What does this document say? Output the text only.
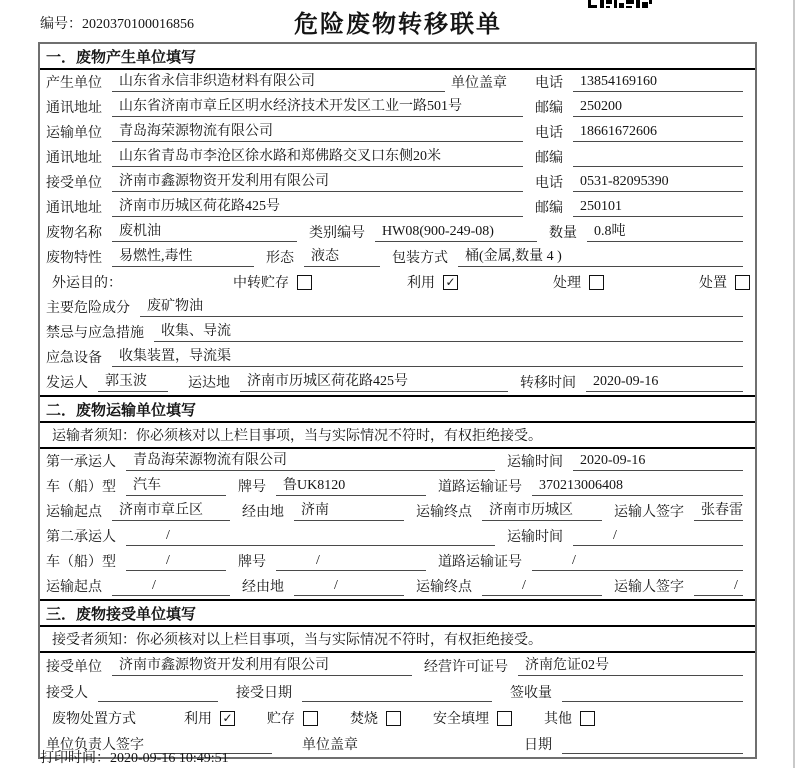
编号：2020370100016856	危险废物转移联单
一．废物产生单位填写
产生单位	山东省永信非织造材料有限公司	单位盖章 电话	13854169160
通讯地址	山东省济南市章丘区明水经济技术开发区工业一路501号	邮编	250200
运输单位	青岛海荣源物流有限公司	电话	18661672606
通讯地址	山东省青岛市李沧区徐水路和郑佛路交叉口东侧20米	邮编
接受单位	济南市鑫源物资开发利用有限公司	电话	0531-82095390
通讯地址	济南市历城区荷花路425号	邮编	250101
废物名称	废机油	类别编号	HW08(900-249-08)	数量	0.8吨
废物特性	易燃性,毒性	形态	液态	包装方式	桶(金属,数量 4 )
外运目的：	中转贮存	利用 ✓	处理	处置
主要危险成分	废矿物油
禁忌与应急措施	收集、导流
应急设备	收集装置，导流渠
发运人	郭玉波	运达地	济南市历城区荷花路425号	转移时间	2020-09-16
二．废物运输单位填写
运输者须知：你必须核对以上栏目事项，当与实际情况不符时，有权拒绝接受。
第一承运人	青岛海荣源物流有限公司	运输时间	2020-09-16
车（船）型	汽车	牌号	鲁UK8120	道路运输证号	370213006408
运输起点	济南市章丘区	经由地	济南	运输终点	济南市历城区	运输人签字	张春雷
第二承运人	/	运输时间	/
车（船）型	/	牌号	/	道路运输证号	/
运输起点	/	经由地	/	运输终点	/	运输人签字	/
三．废物接受单位填写
接受者须知：你必须核对以上栏目事项，当与实际情况不符时，有权拒绝接受。
接受单位	济南市鑫源物资开发利用有限公司	经营许可证号	济南危证02号
接受人	接受日期	签收量
废物处置方式	利用 ✓ 贮存	焚烧	安全填埋	其他
单位负责人签字	单位盖章	日期
打印时间：2020-09-16 10:49:51
